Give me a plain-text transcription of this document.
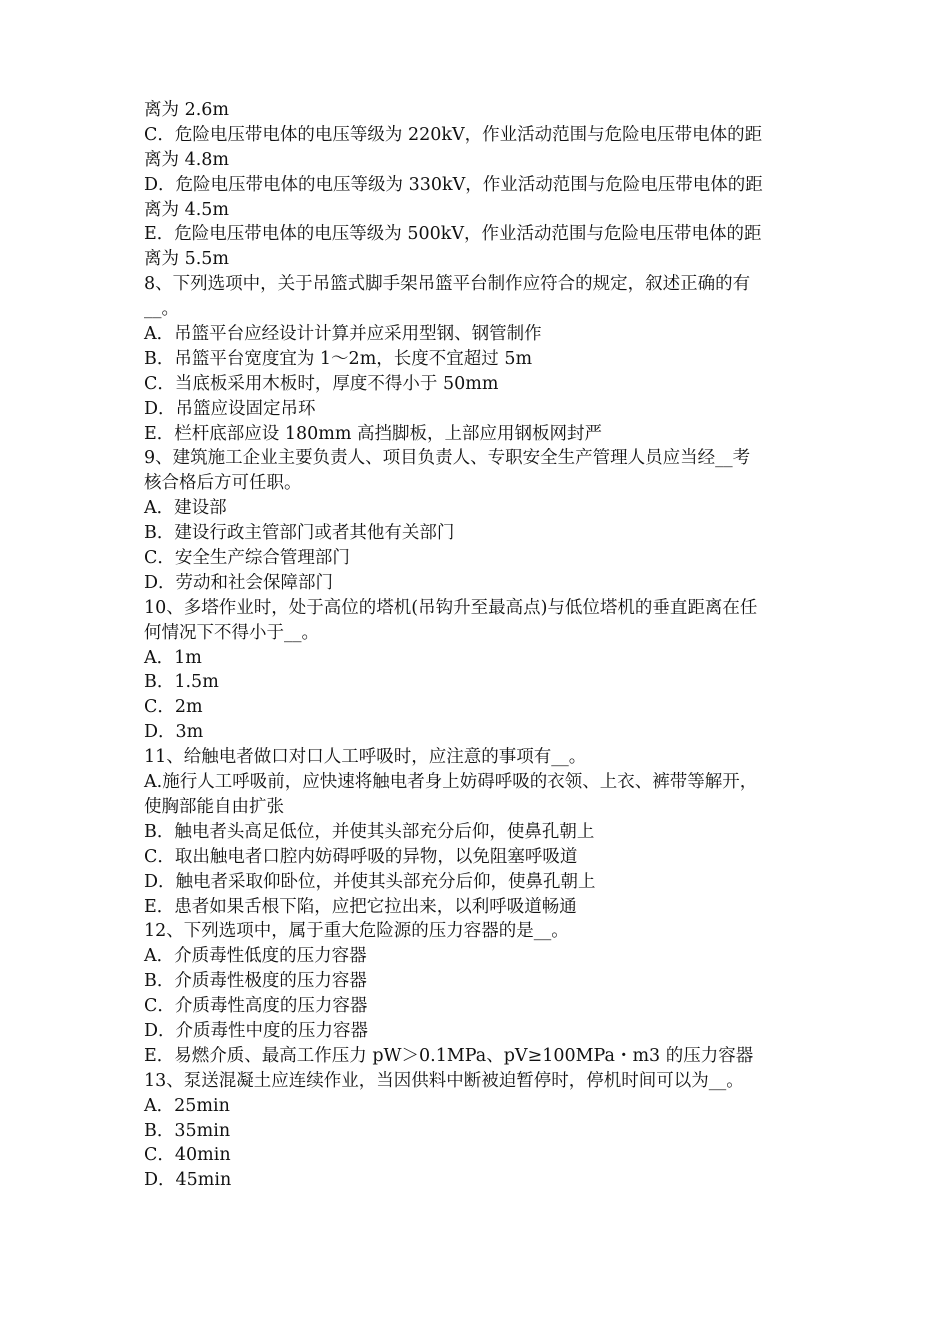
离为 2.6m
C．危险电压带电体的电压等级为 220kV，作业活动范围与危险电压带电体的距
离为 4.8m
D．危险电压带电体的电压等级为 330kV，作业活动范围与危险电压带电体的距
离为 4.5m
E．危险电压带电体的电压等级为 500kV，作业活动范围与危险电压带电体的距
离为 5.5m
8、下列选项中，关于吊篮式脚手架吊篮平台制作应符合的规定，叙述正确的有
__。
A．吊篮平台应经设计计算并应采用型钢、钢管制作
B．吊篮平台宽度宜为 1～2m，长度不宜超过 5m
C．当底板采用木板时，厚度不得小于 50mm
D．吊篮应设固定吊环
E．栏杆底部应设 180mm 高挡脚板，上部应用钢板网封严
9、建筑施工企业主要负责人、项目负责人、专职安全生产管理人员应当经__考
核合格后方可任职。
A．建设部
B．建设行政主管部门或者其他有关部门
C．安全生产综合管理部门
D．劳动和社会保障部门
10、多塔作业时，处于高位的塔机(吊钩升至最高点)与低位塔机的垂直距离在任
何情况下不得小于__。
A．1m
B．1.5m
C．2m
D．3m
11、给触电者做口对口人工呼吸时，应注意的事项有__。
A.施行人工呼吸前，应快速将触电者身上妨碍呼吸的衣领、上衣、裤带等解开，
使胸部能自由扩张
B．触电者头高足低位，并使其头部充分后仰，使鼻孔朝上
C．取出触电者口腔内妨碍呼吸的异物，以免阻塞呼吸道
D．触电者采取仰卧位，并使其头部充分后仰，使鼻孔朝上
E．患者如果舌根下陷，应把它拉出来，以利呼吸道畅通
12、下列选项中，属于重大危险源的压力容器的是__。
A．介质毒性低度的压力容器
B．介质毒性极度的压力容器
C．介质毒性高度的压力容器
D．介质毒性中度的压力容器
E．易燃介质、最高工作压力 pW＞0.1MPa、pV≥100MPa・m3 的压力容器
13、泵送混凝土应连续作业，当因供料中断被迫暂停时，停机时间可以为__。
A．25min
B．35min
C．40min
D．45min
